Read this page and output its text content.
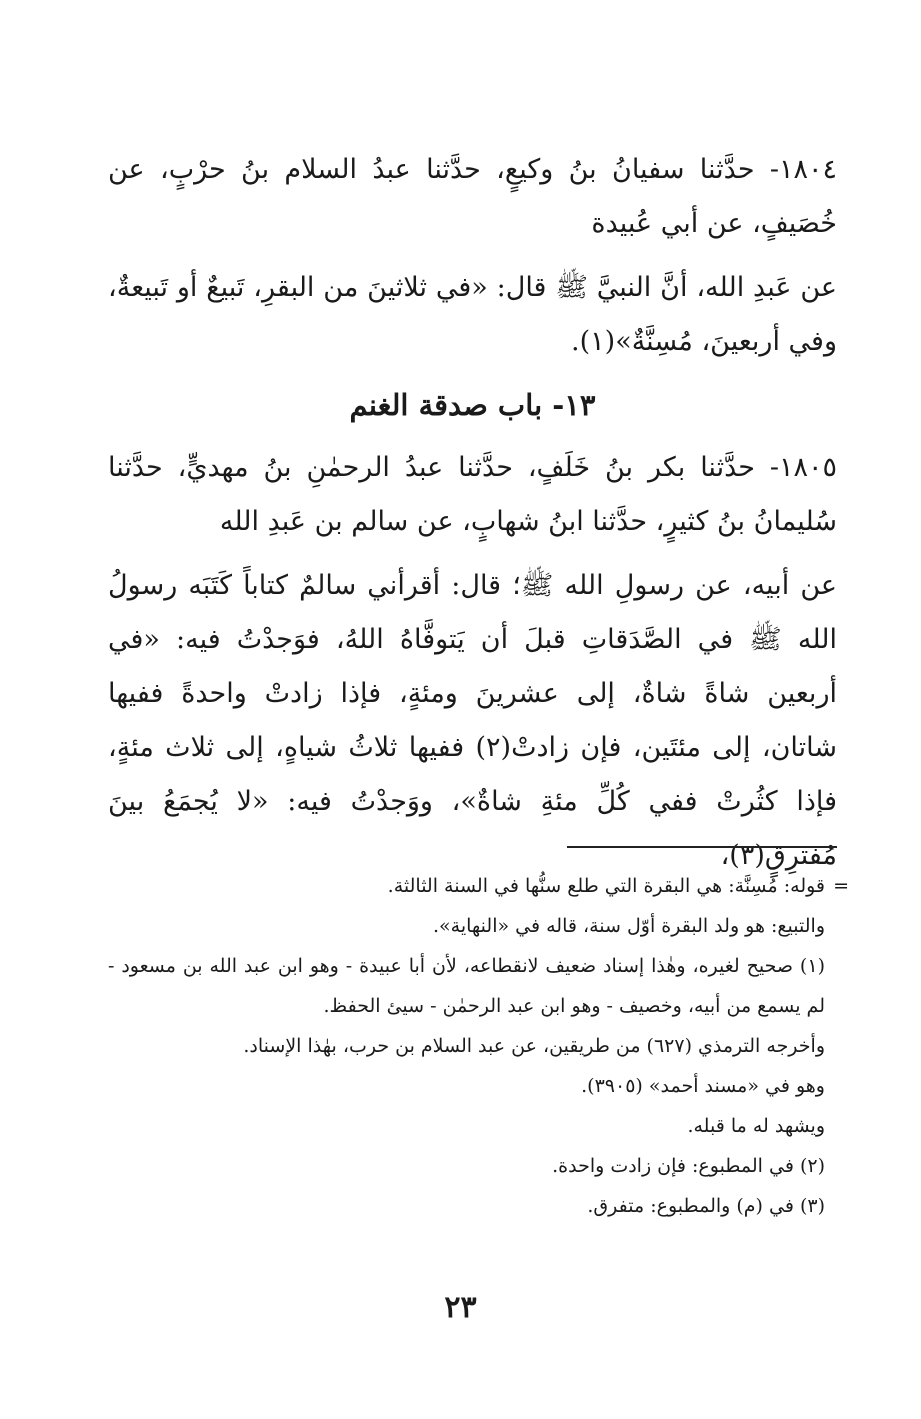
١٨٠٤- حدَّثنا سفيانُ بنُ وكيعٍ، حدَّثنا عبدُ السلام بنُ حرْبٍ، عن خُصَيفٍ، عن أبي عُبيدة

عن عَبدِ الله، أنَّ النبيَّ ﷺ قال: «في ثلاثينَ من البقرِ، تَبيعٌ أو تَبيعةٌ، وفي أربعينَ، مُسِنَّةٌ»(١).

١٣- باب صدقة الغنم

١٨٠٥- حدَّثنا بكر بنُ خَلَفٍ، حدَّثنا عبدُ الرحمٰنِ بنُ مهديٍّ، حدَّثنا سُليمانُ بنُ كثيرٍ، حدَّثنا ابنُ شهابٍ، عن سالم بن عَبدِ الله

عن أبيه، عن رسولِ الله ﷺ؛ قال: أقرأني سالمٌ كتاباً كَتَبَه رسولُ الله ﷺ في الصَّدَقاتِ قبلَ أن يَتوفَّاهُ اللهُ، فوَجدْتُ فيه: «في أربعين شاةً شاةٌ، إلى عشرينَ ومئةٍ، فإذا زادتْ واحدةً ففيها شاتان، إلى مئتَين، فإن زادتْ(٢) ففيها ثلاثُ شياهٍ، إلى ثلاث مئةٍ، فإذا كثُرتْ ففي كُلِّ مئةِ شاةٌ»، ووَجدْتُ فيه: «لا يُجمَعُ بينَ مُفترِقٍ(٣)،

=

قوله: مُسِنَّة: هي البقرة التي طلع سنُّها في السنة الثالثة.

والتبيع: هو ولد البقرة أوّل سنة، قاله في «النهاية».

(١) صحيح لغيره، وهٰذا إسناد ضعيف لانقطاعه، لأن أبا عبيدة - وهو ابن عبد الله بن مسعود - لم يسمع من أبيه، وخصيف - وهو ابن عبد الرحمٰن - سيئ الحفظ.

وأخرجه الترمذي (٦٢٧) من طريقين، عن عبد السلام بن حرب، بهٰذا الإسناد.

وهو في «مسند أحمد» (٣٩٠٥).

ويشهد له ما قبله.

(٢) في المطبوع: فإن زادت واحدة.

(٣) في (م) والمطبوع: متفرق.

٢٣
